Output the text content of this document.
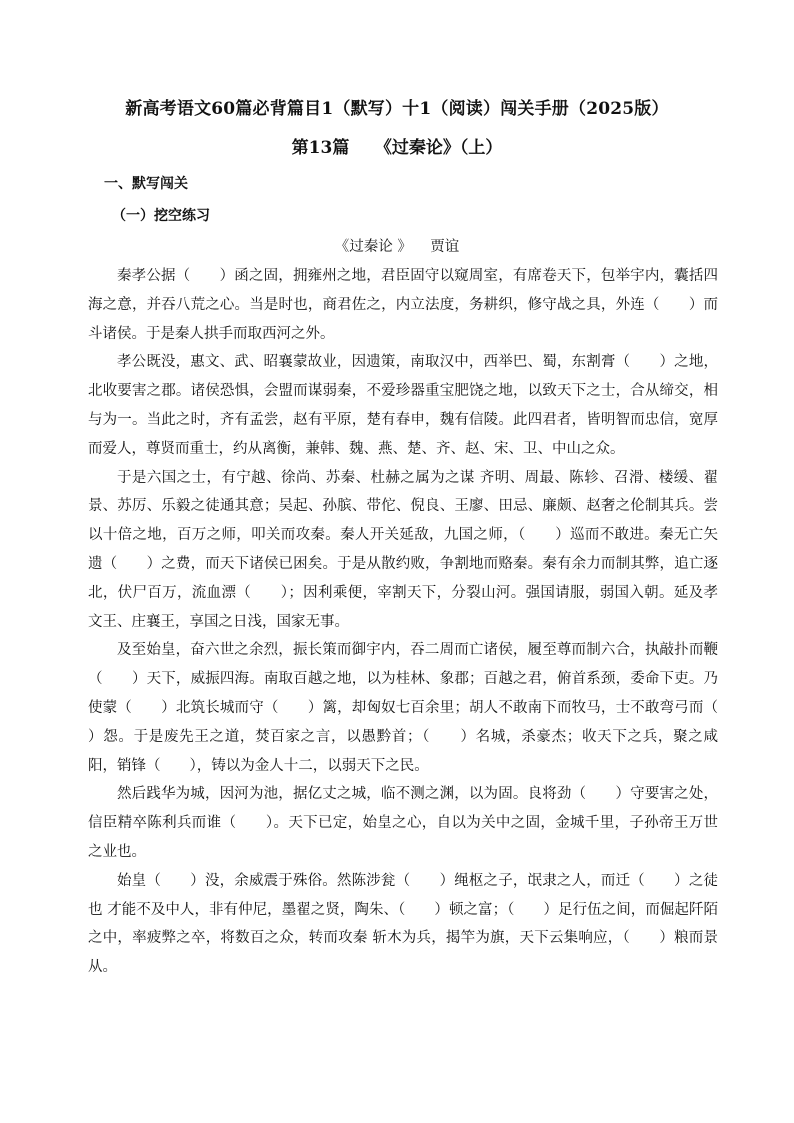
新高考语文60篇必背篇目1（默写）十1（阅读）闯关手册（2025版）
第13篇　　《过秦论》（上）
一、默写闯关
（一）挖空练习
《过秦论 》 贾谊

秦孝公据（　　）函之固，拥雍州之地，君臣固守以窥周室，有席卷天下，包举宇内，囊括四海之意，并吞八荒之心。当是时也，商君佐之，内立法度，务耕织，修守战之具，外连（　　）而斗诸侯。于是秦人拱手而取西河之外。

孝公既没，惠文、武、昭襄蒙故业，因遗策，南取汉中，西举巴、蜀，东割膏（　　）之地，北收要害之郡。诸侯恐惧，会盟而谋弱秦，不爱珍器重宝肥饶之地，以致天下之士，合从缔交，相与为一。当此之时，齐有孟尝，赵有平原，楚有春申，魏有信陵。此四君者，皆明智而忠信，宽厚而爱人，尊贤而重士，约从离衡，兼韩、魏、燕、楚、齐、赵、宋、卫、中山之众。

于是六国之士，有宁越、徐尚、苏秦、杜赫之属为之谋 齐明、周最、陈轸、召滑、楼缓、翟景、苏厉、乐毅之徒通其意；吴起、孙膑、带佗、倪良、王廖、田忌、廉颇、赵奢之伦制其兵。尝以十倍之地，百万之师，叩关而攻秦。秦人开关延敌，九国之师，（　　）巡而不敢进。秦无亡矢遗（　　）之费，而天下诸侯已困矣。于是从散约败，争割地而赂秦。秦有余力而制其弊，追亡逐北，伏尸百万，流血漂（　　）；因利乘便，宰割天下，分裂山河。强国请服，弱国入朝。延及孝文王、庄襄王，享国之日浅，国家无事。

及至始皇，奋六世之余烈，振长策而御宇内，吞二周而亡诸侯，履至尊而制六合，执敲扑而鞭（　　）天下，威振四海。南取百越之地，以为桂林、象郡；百越之君，俯首系颈，委命下吏。乃使蒙（　　）北筑长城而守（　　）篱，却匈奴七百余里；胡人不敢南下而牧马，士不敢弯弓而（　　）怨。于是废先王之道，焚百家之言，以愚黔首；（　　）名城，杀豪杰；收天下之兵，聚之咸阳，销锋（　　），铸以为金人十二，以弱天下之民。

然后践华为城，因河为池，据亿丈之城，临不测之渊，以为固。良将劲（　　）守要害之处，信臣精卒陈利兵而谁（　　）。天下已定，始皇之心，自以为关中之固，金城千里，子孙帝王万世之业也。

始皇（　　）没，余威震于殊俗。然陈涉瓮（　　）绳枢之子，氓隶之人，而迁（　　）之徒也 才能不及中人，非有仲尼，墨翟之贤，陶朱、（　　）顿之富；（　　）足行伍之间，而倔起阡陌之中，率疲弊之卒，将数百之众，转而攻秦 斩木为兵，揭竿为旗，天下云集响应，（　　）粮而景从。
